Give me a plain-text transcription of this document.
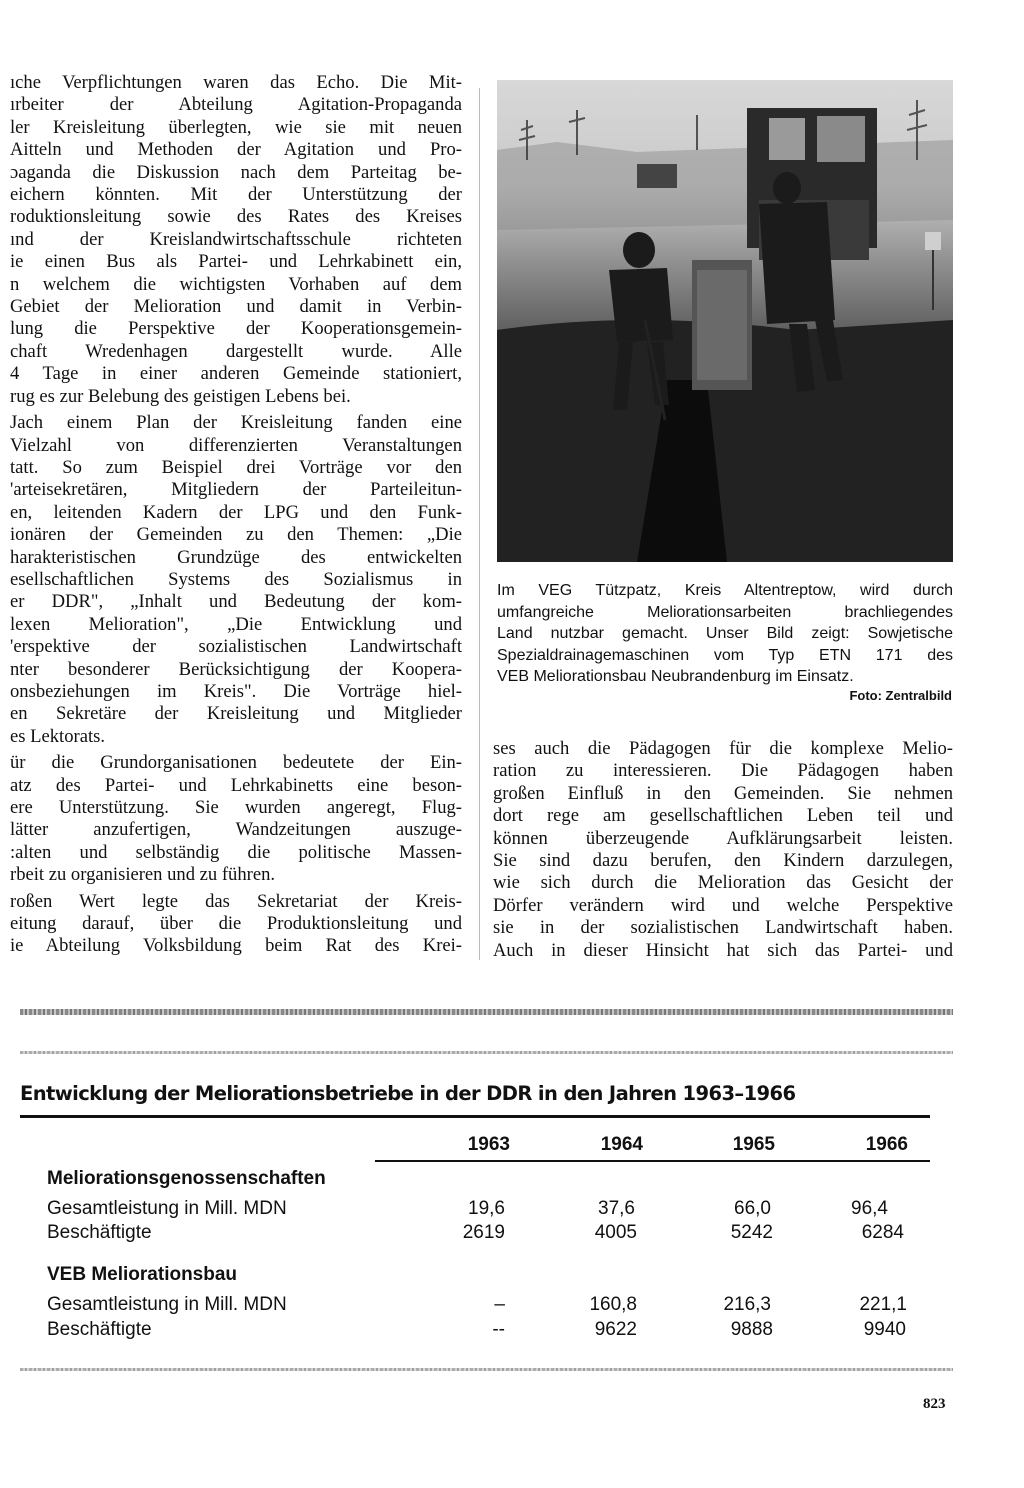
ıche Verpflichtungen waren das Echo. Die Mit-
ırbeiter der Abteilung Agitation-Propaganda
ler Kreisleitung überlegten, wie sie mit neuen
Aitteln und Methoden der Agitation und Pro-
ɔaganda die Diskussion nach dem Parteitag be-
eichern könnten. Mit der Unterstützung der
roduktionsleitung sowie des Rates des Kreises
ınd der Kreislandwirtschaftsschule richteten
ie einen Bus als Partei- und Lehrkabinett ein,
n welchem die wichtigsten Vorhaben auf dem
Gebiet der Melioration und damit in Verbin-
lung die Perspektive der Kooperationsgemein-
chaft Wredenhagen dargestellt wurde. Alle
4 Tage in einer anderen Gemeinde stationiert,
rug es zur Belebung des geistigen Lebens bei.
Jach einem Plan der Kreisleitung fanden eine
Vielzahl von differenzierten Veranstaltungen
tatt. So zum Beispiel drei Vorträge vor den
'arteisekretären, Mitgliedern der Parteileitun-
en, leitenden Kadern der LPG und den Funk-
ionären der Gemeinden zu den Themen: „Die
harakteristischen Grundzüge des entwickelten
esellschaftlichen Systems des Sozialismus in
er DDR", „Inhalt und Bedeutung der kom-
lexen Melioration", „Die Entwicklung und
'erspektive der sozialistischen Landwirtschaft
nter besonderer Berücksichtigung der Koopera-
onsbeziehungen im Kreis". Die Vorträge hiel-
en Sekretäre der Kreisleitung und Mitglieder
es Lektorats.
ür die Grundorganisationen bedeutete der Ein-
atz des Partei- und Lehrkabinetts eine beson-
ere Unterstützung. Sie wurden angeregt, Flug-
lätter anzufertigen, Wandzeitungen auszuge-
:alten und selbständig die politische Massen-
rbeit zu organisieren und zu führen.
roßen Wert legte das Sekretariat der Kreis-
eitung darauf, über die Produktionsleitung und
ie Abteilung Volksbildung beim Rat des Krei-
Im VEG Tützpatz, Kreis Altentreptow, wird durch
umfangreiche Meliorationsarbeiten brachliegendes
Land nutzbar gemacht. Unser Bild zeigt: Sowjetische
Spezialdrainagemaschinen vom Typ ETN 171 des
VEB Meliorationsbau Neubrandenburg im Einsatz.
Foto: Zentralbild
ses auch die Pädagogen für die komplexe Melio-
ration zu interessieren. Die Pädagogen haben
großen Einfluß in den Gemeinden. Sie nehmen
dort rege am gesellschaftlichen Leben teil und
können überzeugende Aufklärungsarbeit leisten.
Sie sind dazu berufen, den Kindern darzulegen,
wie sich durch die Melioration das Gesicht der
Dörfer verändern wird und welche Perspektive
sie in der sozialistischen Landwirtschaft haben.
Auch in dieser Hinsicht hat sich das Partei- und
Entwicklung der Meliorationsbetriebe in der DDR in den Jahren 1963–1966
1963	1964	1965	1966
Meliorationsgenossenschaften
Gesamtleistung in Mill. MDN	19,6	37,6	66,0	96,4
Beschäftigte	2619	4005	5242	6284
VEB Meliorationsbau
Gesamtleistung in Mill. MDN	–	160,8	216,3	221,1
Beschäftigte	--	9622	9888	9940
823
